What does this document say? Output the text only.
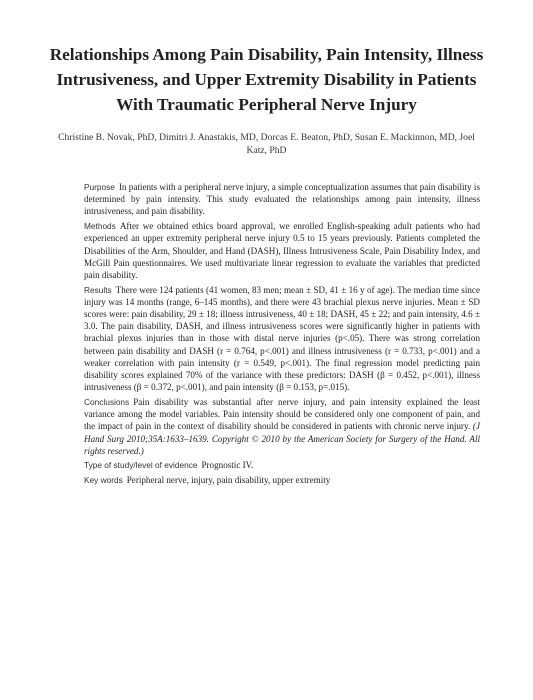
Relationships Among Pain Disability, Pain Intensity, Illness Intrusiveness, and Upper Extremity Disability in Patients With Traumatic Peripheral Nerve Injury
Christine B. Novak, PhD, Dimitri J. Anastakis, MD, Dorcas E. Beaton, PhD, Susan E. Mackinnon, MD, Joel Katz, PhD

Purpose In patients with a peripheral nerve injury, a simple conceptualization assumes that pain disability is determined by pain intensity. This study evaluated the relationships among pain intensity, illness intrusiveness, and pain disability.

Methods After we obtained ethics board approval, we enrolled English-speaking adult patients who had experienced an upper extremity peripheral nerve injury 0.5 to 15 years previously. Patients completed the Disabilities of the Arm, Shoulder, and Hand (DASH), Illness Intrusiveness Scale, Pain Disability Index, and McGill Pain questionnaires. We used multivariate linear regression to evaluate the variables that predicted pain disability.

Results There were 124 patients (41 women, 83 men; mean ± SD, 41 ± 16 y of age). The median time since injury was 14 months (range, 6–145 months), and there were 43 brachial plexus nerve injuries. Mean ± SD scores were: pain disability, 29 ± 18; illness intrusiveness, 40 ± 18; DASH, 45 ± 22; and pain intensity, 4.6 ± 3.0. The pain disability, DASH, and illness intrusiveness scores were significantly higher in patients with brachial plexus injuries than in those with distal nerve injuries (p<.05). There was strong correlation between pain disability and DASH (r = 0.764, p<.001) and illness intrusiveness (r = 0.733, p<.001) and a weaker correlation with pain intensity (r = 0.549, p<.001). The final regression model predicting pain disability scores explained 70% of the variance with these predictors: DASH (β = 0.452, p<.001), illness intrusiveness (β = 0.372, p<.001), and pain intensity (β = 0.153, p=.015).

Conclusions Pain disability was substantial after nerve injury, and pain intensity explained the least variance among the model variables. Pain intensity should be considered only one component of pain, and the impact of pain in the context of disability should be considered in patients with chronic nerve injury. (J Hand Surg 2010;35A:1633–1639. Copyright © 2010 by the American Society for Surgery of the Hand. All rights reserved.)

Type of study/level of evidence Prognostic IV.

Key words Peripheral nerve, injury, pain disability, upper extremity
